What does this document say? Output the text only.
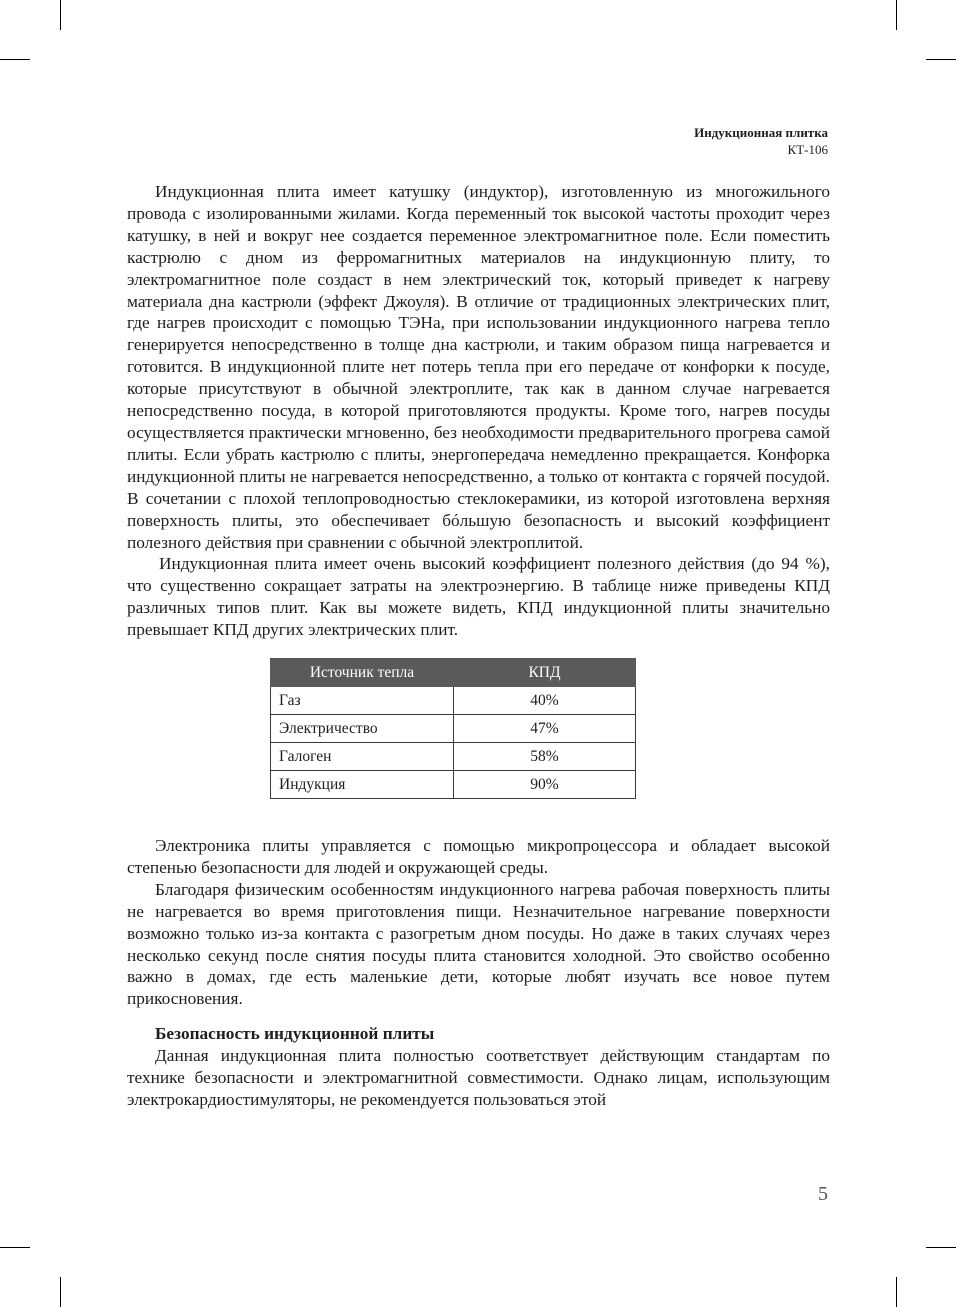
Индукционная плитка
КТ-106

Индукционная плита имеет катушку (индуктор), изготовленную из многожильного провода с изолированными жилами. Когда переменный ток высокой частоты проходит через катушку, в ней и вокруг нее создается переменное электромагнитное поле. Если поместить кастрюлю с дном из ферромагнитных материалов на индукционную плиту, то электромагнитное поле создаст в нем электрический ток, который приведет к нагреву материала дна кастрюли (эффект Джоуля). В отличие от традиционных электрических плит, где нагрев происходит с помощью ТЭНа, при использовании индукционного нагрева тепло генерируется непосредственно в толще дна кастрюли, и таким образом пища нагревается и готовится. В индукционной плите нет потерь тепла при его передаче от конфорки к посуде, которые присутствуют в обычной электроплите, так как в данном случае нагревается непосредственно посуда, в которой приготовляются продукты. Кроме того, нагрев посуды осуществляется практически мгновенно, без необходимости предварительного прогрева самой плиты. Если убрать кастрюлю с плиты, энергопередача немедленно прекращается. Конфорка индукционной плиты не нагревается непосредственно, а только от контакта с горячей посудой. В сочетании с плохой теплопроводностью стеклокерамики, из которой изготовлена верхняя поверхность плиты, это обеспечивает бóльшую безопасность и высокий коэффициент полезного действия при сравнении с обычной электроплитой.

Индукционная плита имеет очень высокий коэффициент полезного действия (до 94 %), что существенно сокращает затраты на электроэнергию. В таблице ниже приведены КПД различных типов плит. Как вы можете видеть, КПД индукционной плиты значительно превышает КПД других электрических плит.

Источник тепла	КПД
Газ	40%
Электричество	47%
Галоген	58%
Индукция	90%

Электроника плиты управляется с помощью микропроцессора и обладает высокой степенью безопасности для людей и окружающей среды.

Благодаря физическим особенностям индукционного нагрева рабочая поверхность плиты не нагревается во время приготовления пищи. Незначительное нагревание поверхности возможно только из-за контакта с разогретым дном посуды. Но даже в таких случаях через несколько секунд после снятия посуды плита становится холодной. Это свойство особенно важно в домах, где есть маленькие дети, которые любят изучать все новое путем прикосновения.

Безопасность индукционной плиты

Данная индукционная плита полностью соответствует действующим стандартам по технике безопасности и электромагнитной совместимости. Однако лицам, использующим электрокардиостимуляторы, не рекомендуется пользоваться этой

5
